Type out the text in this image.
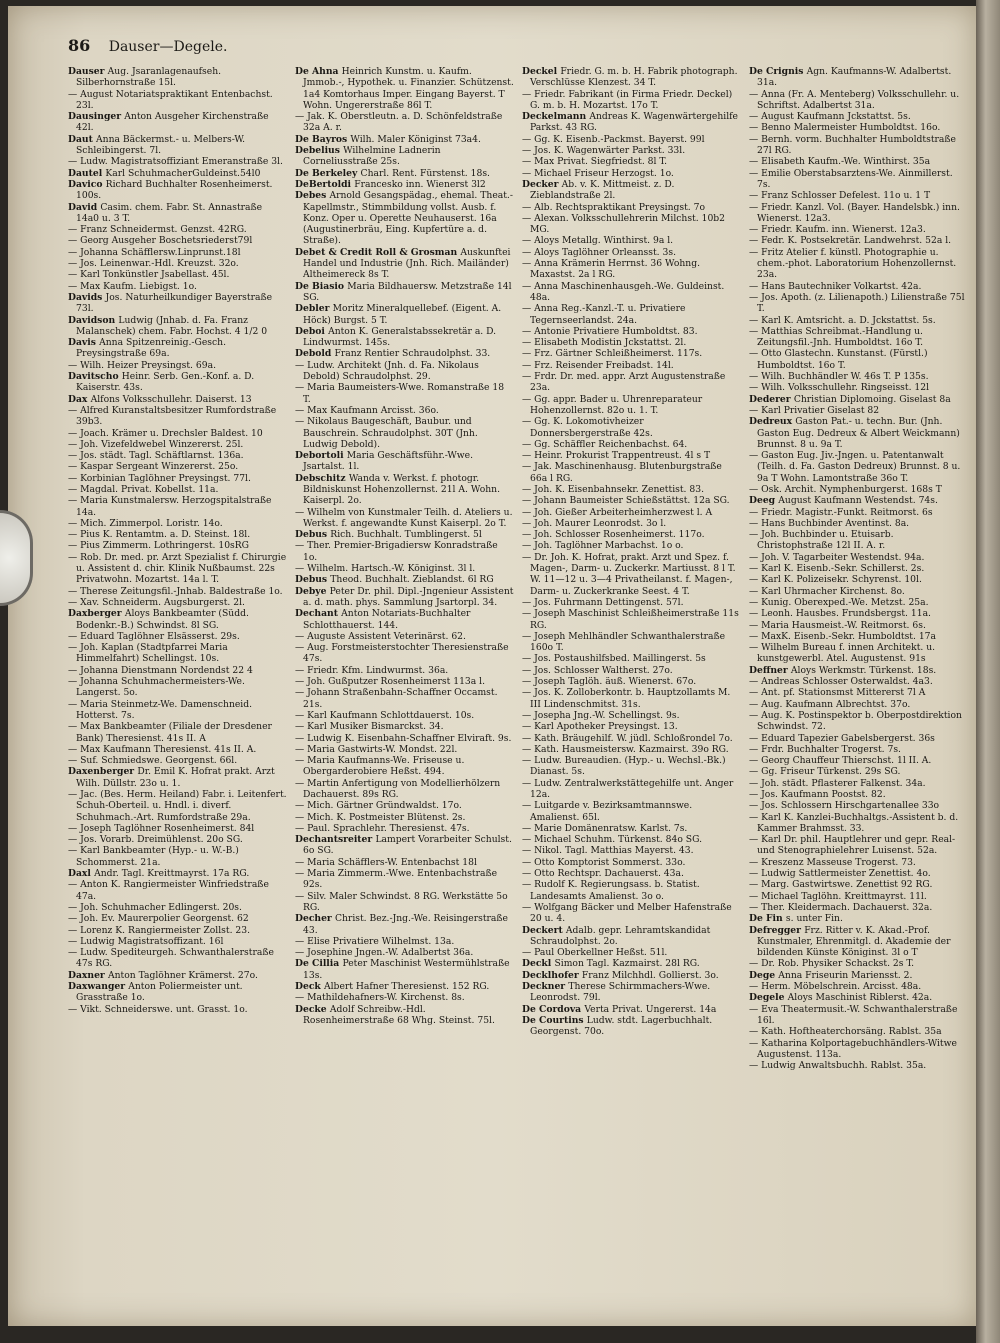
86 Dauser—Degele.

Dauser Aug. Jsaranlagenaufseh. Silberhornstraße 15l.

— August Notariatspraktikant Entenbachst. 23l.

Dausinger Anton Ausgeher Kirchenstraße 42l.

Daut Anna Bäckermst.- u. Melbers-W. Schleibingerst. 7l.

— Ludw. Magistratsoffiziant Emeranstraße 3l.

Dautel Karl SchuhmacherGuldeinst.54l0

Davico Richard Buchhalter Rosenheimerst. 100s.

David Casim. chem. Fabr. St. Annastraße 14a0 u. 3 T.

— Franz Schneidermst. Genzst. 42RG.

— Georg Ausgeher Boschetsriederst79l

— Johanna Schäfflersw.Linprunst.18l

— Jos. Leinenwar.-Hdl. Kreuzst. 32o.

— Karl Tonkünstler Jsabellast. 45l.

— Max Kaufm. Liebigst. 1o.

Davids Jos. Naturheilkundiger Bayerstraße 73l.

Davidson Ludwig (Jnhab. d. Fa. Franz Malanschek) chem. Fabr. Hochst. 4 1/2 0

Davis Anna Spitzenreinig.-Gesch. Preysingstraße 69a.

— Wilh. Heizer Preysingst. 69a.

Davitscho Heinr. Serb. Gen.-Konf. a. D. Kaiserstr. 43s.

Dax Alfons Volksschullehr. Daiserst. 13

— Alfred Kuranstaltsbesitzer Rumfordstraße 39b3.

— Joach. Krämer u. Drechsler Baldest. 10

— Joh. Vizefeldwebel Winzererst. 25l.

— Jos. städt. Tagl. Schäftlarnst. 136a.

— Kaspar Sergeant Winzererst. 25o.

— Korbinian Taglöhner Preysingst. 77l.

— Magdal. Privat. Kobellst. 11a.

— Maria Kunstmalersw. Herzogspitalstraße 14a.

— Mich. Zimmerpol. Loristr. 14o.

— Pius K. Rentamtm. a. D. Steinst. 18l.

— Pius Zimmerm. Lothringerst. 10sRG

— Rob. Dr. med. pr. Arzt Spezialist f. Chirurgie u. Assistent d. chir. Klinik Nußbaumst. 22s Privatwohn. Mozartst. 14a l. T.

— Therese Zeitungsfil.-Jnhab. Baldestraße 1o.

— Xav. Schneiderm. Augsburgerst. 2l.

Daxberger Aloys Bankbeamter (Südd. Bodenkr.-B.) Schwindst. 8l SG.

— Eduard Taglöhner Elsässerst. 29s.

— Joh. Kaplan (Stadtpfarrei Maria Himmelfahrt) Schellingst. 10s.

— Johanna Dienstmann Nordendst 22 4

— Johanna Schuhmachermeisters-We. Langerst. 5o.

— Maria Steinmetz-We. Damenschneid. Hotterst. 7s.

— Max Bankbeamter (Filiale der Dresdener Bank) Theresienst. 41s II. A

— Max Kaufmann Theresienst. 41s II. A.

— Suf. Schmiedswe. Georgenst. 66l.

Daxenberger Dr. Emil K. Hofrat prakt. Arzt Wilh. Düllstr. 23o u. 1.

— Jac. (Bes. Herm. Heiland) Fabr. i. Leitenfert. Schuh-Oberteil. u. Hndl. i. diverf. Schuhmach.-Art. Rumfordstraße 29a.

— Joseph Taglöhner Rosenheimerst. 84l

— Jos. Vorarb. Dreimühlenst. 20o SG.

— Karl Bankbeamter (Hyp.- u. W.-B.) Schommerst. 21a.

Daxl Andr. Tagl. Kreittmayrst. 17a RG.

— Anton K. Rangiermeister Winfriedstraße 47a.

— Joh. Schuhmacher Edlingerst. 20s.

— Joh. Ev. Maurerpolier Georgenst. 62

— Lorenz K. Rangiermeister Zollst. 23.

— Ludwig Magistratsoffizant. 16l

— Ludw. Spediteurgeh. Schwanthalerstraße 47s RG.

Daxner Anton Taglöhner Krämerst. 27o.

Daxwanger Anton Poliermeister unt. Grasstraße 1o.

— Vikt. Schneiderswe. unt. Grasst. 1o.

De Ahna Heinrich Kunstm. u. Kaufm. Jmmob.-, Hypothek. u. Finanzier. Schützenst. 1a4 Komtorhaus Imper. Eingang Bayerst. T Wohn. Ungererstraße 86l T.

— Jak. K. Oberstleutn. a. D. Schönfeldstraße 32a A. r.

De Bayros Wilh. Maler Königinst 73a4.

Debelius Wilhelmine Ladnerin Corneliusstraße 25s.

De Berkeley Charl. Rent. Fürstenst. 18s.

DeBertoldi Francesko inn. Wienerst 3l2

Debes Arnold Gesangspädag., ehemal. Theat.-Kapellmstr., Stimmbildung vollst. Ausb. f. Konz. Oper u. Operette Neuhauserst. 16a (Augustinerbräu, Eing. Kupfertüre a. d. Straße).

Debet & Credit Roll & Grosman Auskunftei Handel und Industrie (Jnh. Rich. Mailänder) Altheimereck 8s T.

De Biasio Maria Bildhauersw. Metzstraße 14l SG.

Debler Moritz Mineralquellebef. (Eigent. A. Höck) Burgst. 5 T.

Deboi Anton K. Generalstabssekretär a. D. Lindwurmst. 145s.

Debold Franz Rentier Schraudolphst. 33.

— Ludw. Architekt (Jnh. d. Fa. Nikolaus Debold) Schraudolphst. 29.

— Maria Baumeisters-Wwe. Romanstraße 18 T.

— Max Kaufmann Arcisst. 36o.

— Nikolaus Baugeschäft, Baubur. und Bauschrein. Schraudolphst. 30T (Jnh. Ludwig Debold).

Debortoli Maria Geschäftsführ.-Wwe. Jsartalst. 1l.

Debschitz Wanda v. Werkst. f. photogr. Bildniskunst Hohenzollernst. 21l A. Wohn. Kaiserpl. 2o.

— Wilhelm von Kunstmaler Teilh. d. Ateliers u. Werkst. f. angewandte Kunst Kaiserpl. 2o T.

Debus Rich. Buchhalt. Tumblingerst. 5l

— Ther. Premier-Brigadiersw Konradstraße 1o.

— Wilhelm. Hartsch.-W. Königinst. 3l l.

Debus Theod. Buchhalt. Zieblandst. 6l RG

Debye Peter Dr. phil. Dipl.-Jngenieur Assistent a. d. math. phys. Sammlung Jsartorpl. 34.

Dechant Anton Notariats-Buchhalter Schlotthauerst. 144.

— Auguste Assistent Veterinärst. 62.

— Aug. Forstmeisterstochter Theresienstraße 47s.

— Friedr. Kfm. Lindwurmst. 36a.

— Joh. Gußputzer Rosenheimerst 113a l.

— Johann Straßenbahn-Schaffner Occamst. 21s.

— Karl Kaufmann Schlottdauerst. 10s.

— Karl Musiker Bismarckst. 34.

— Ludwig K. Eisenbahn-Schaffner Elviraft. 9s.

— Maria Gastwirts-W. Mondst. 22l.

— Maria Kaufmanns-We. Friseuse u. Obergarderobiere Heßst. 494.

— Martin Anfertigung von Modellierhölzern Dachauerst. 89s RG.

— Mich. Gärtner Gründwaldst. 17o.

— Mich. K. Postmeister Blütenst. 2s.

— Paul. Sprachlehr. Theresienst. 47s.

Dechantsreiter Lampert Vorarbeiter Schulst. 6o SG.

— Maria Schäfflers-W. Entenbachst 18l

— Maria Zimmerm.-Wwe. Entenbachstraße 92s.

— Silv. Maler Schwindst. 8 RG. Werkstätte 5o RG.

Decher Christ. Bez.-Jng.-We. Reisingerstraße 43.

— Elise Privatiere Wilhelmst. 13a.

— Josephine Jngen.-W. Adalbertst 36a.

De Cillia Peter Maschinist Westermühlstraße 13s.

Deck Albert Hafner Theresienst. 152 RG.

— Mathildehafners-W. Kirchenst. 8s.

Decke Adolf Schreibw.-Hdl. Rosenheimerstraße 68 Whg. Steinst. 75l.

Deckel Friedr. G. m. b. H. Fabrik photograph. Verschlüsse Klenzest. 34 T.

— Friedr. Fabrikant (in Firma Friedr. Deckel) G. m. b. H. Mozartst. 17o T.

Deckelmann Andreas K. Wagenwärtergehilfe Parkst. 43 RG.

— Gg. K. Eisenb.-Packmst. Bayerst. 99l

— Jos. K. Wagenwärter Parkst. 33l.

— Max Privat. Siegfriedst. 8l T.

— Michael Friseur Herzogst. 1o.

Decker Ab. v. K. Mittmeist. z. D. Zieblandstraße 2l.

— Alb. Rechtspraktikant Preysingst. 7o

— Alexan. Volksschullehrerin Milchst. 10b2 MG.

— Aloys Metallg. Winthirst. 9a l.

— Aloys Taglöhner Orleansst. 3s.

— Anna Krämerin Herrnst. 36 Wohng. Maxastst. 2a l RG.

— Anna Maschinenhausgeh.-We. Guldeinst. 48a.

— Anna Reg.-Kanzl.-T. u. Privatiere Tegernseerlandst. 24a.

— Antonie Privatiere Humboldtst. 83.

— Elisabeth Modistin Jckstattst. 2l.

— Frz. Gärtner Schleißheimerst. 117s.

— Frz. Reisender Freibadst. 14l.

— Frdr. Dr. med. appr. Arzt Augustenstraße 23a.

— Gg. appr. Bader u. Uhrenreparateur Hohenzollernst. 82o u. 1. T.

— Gg. K. Lokomotivheizer Donnersbergerstraße 42s.

— Gg. Schäffler Reichenbachst. 64.

— Heinr. Prokurist Trappentreust. 4l s T

— Jak. Maschinenhausg. Blutenburgstraße 66a l RG.

— Joh. K. Eisenbahnsekr. Zenettist. 83.

— Johann Baumeister Schießstättst. 12a SG.

— Joh. Gießer Arbeiterheimherzwest l. A

— Joh. Maurer Leonrodst. 3o l.

— Joh. Schlosser Rosenheimerst. 117o.

— Joh. Taglöhner Marbachst. 1o o.

— Dr. Joh. K. Hofrat, prakt. Arzt und Spez. f. Magen-, Darm- u. Zuckerkr. Martiusst. 8 l T. W. 11—12 u. 3—4 Privatheilanst. f. Magen-, Darm- u. Zuckerkranke Seest. 4 T.

— Jos. Fuhrmann Dettingenst. 57l.

— Joseph Maschinist Schleißheimerstraße 11s RG.

— Joseph Mehlhändler Schwanthalerstraße 160o T.

— Jos. Postaushilfsbed. Maillingerst. 5s

— Jos. Schlosser Waltherst. 27o.

— Joseph Taglöh. äuß. Wienerst. 67o.

— Jos. K. Zolloberkontr. b. Hauptzollamts M. III Lindenschmitst. 31s.

— Josepha Jng.-W. Schellingst. 9s.

— Karl Apotheker Preysingst. 13.

— Kath. Bräugehilf. W. jüdl. Schloßrondel 7o.

— Kath. Hausmeistersw. Kazmairst. 39o RG.

— Ludw. Bureaudien. (Hyp.- u. Wechsl.-Bk.) Dianast. 5s.

— Ludw. Zentralwerkstättegehilfe unt. Anger 12a.

— Luitgarde v. Bezirksamtmannswe. Amalienst. 65l.

— Marie Domänenratsw. Karlst. 7s.

— Michael Schuhm. Türkenst. 84o SG.

— Nikol. Tagl. Matthias Mayerst. 43.

— Otto Komptorist Sommerst. 33o.

— Otto Rechtspr. Dachauerst. 43a.

— Rudolf K. Regierungsass. b. Statist. Landesamts Amalienst. 3o o.

— Wolfgang Bäcker und Melber Hafenstraße 20 u. 4.

Deckert Adalb. gepr. Lehramtskandidat Schraudolphst. 2o.

— Paul Oberkellner Heßst. 51l.

Deckl Simon Tagl. Kazmairst. 28l RG.

Decklhofer Franz Milchhdl. Gollierst. 3o.

Deckner Therese Schirmmachers-Wwe. Leonrodst. 79l.

De Cordova Verta Privat. Ungererst. 14a

De Courtins Ludw. stdt. Lagerbuchhalt. Georgenst. 70o.

De Crignis Agn. Kaufmanns-W. Adalbertst. 31a.

— Anna (Fr. A. Menteberg) Volksschullehr. u. Schriftst. Adalbertst 31a.

— August Kaufmann Jckstattst. 5s.

— Benno Malermeister Humboldtst. 16o.

— Bernh. vorm. Buchhalter Humboldtstraße 27l RG.

— Elisabeth Kaufm.-We. Winthirst. 35a

— Emilie Oberstabsarztens-We. Ainmillerst. 7s.

— Franz Schlosser Defelest. 11o u. 1 T

— Friedr. Kanzl. Vol. (Bayer. Handelsbk.) inn. Wienerst. 12a3.

— Friedr. Kaufm. inn. Wienerst. 12a3.

— Fedr. K. Postsekretär. Landwehrst. 52a l.

— Fritz Atelier f. künstl. Photographie u. chem.-phot. Laboratorium Hohenzollernst. 23a.

— Hans Bautechniker Volkartst. 42a.

— Jos. Apoth. (z. Lilienapoth.) Lilienstraße 75l T.

— Karl K. Amtsricht. a. D. Jckstattst. 5s.

— Matthias Schreibmat.-Handlung u. Zeitungsfil.-Jnh. Humboldtst. 16o T.

— Otto Glastechn. Kunstanst. (Fürstl.) Humboldtst. 16o T.

— Wilh. Buchhändler W. 46s T. P 135s.

— Wilh. Volksschullehr. Ringseisst. 12l

Dederer Christian Diplomoing. Giselast 8a

— Karl Privatier Giselast 82

Dedreux Gaston Pat.- u. techn. Bur. (Jnh. Gaston Eug. Dedreux & Albert Weickmann) Brunnst. 8 u. 9a T.

— Gaston Eug. Jiv.-Jngen. u. Patentanwalt (Teilh. d. Fa. Gaston Dedreux) Brunnst. 8 u. 9a T Wohn. Lamontstraße 36o T.

— Osk. Archit. Nymphenburgerst. 168s T

Deeg August Kaufmann Westendst. 74s.

— Friedr. Magistr.-Funkt. Reitmorst. 6s

— Hans Buchbinder Aventinst. 8a.

— Joh. Buchbinder u. Etuisarb. Christophstraße 12l II. A. r.

— Joh. V. Tagarbeiter Westendst. 94a.

— Karl K. Eisenb.-Sekr. Schillerst. 2s.

— Karl K. Polizeisekr. Schyrenst. 10l.

— Karl Uhrmacher Kirchenst. 8o.

— Kunig. Oberexped.-We. Metzst. 25a.

— Leonh. Hausbes. Frundsbergst. 11a.

— Maria Hausmeist.-W. Reitmorst. 6s.

— MaxK. Eisenb.-Sekr. Humboldtst. 17a

— Wilhelm Bureau f. innen Architekt. u. kunstgewerbl. Atel. Augustenst. 91s

Deffner Aloys Werkmstr. Türkenst. 18s.

— Andreas Schlosser Osterwaldst. 4a3.

— Ant. pf. Stationsmst Mittererst 7l A

— Aug. Kaufmann Albrechtst. 37o.

— Aug. K. Postinspektor b. Oberpostdirektion Schwindst. 72.

— Eduard Tapezier Gabelsbergerst. 36s

— Frdr. Buchhalter Trogerst. 7s.

— Georg Chauffeur Thierschst. 1l II. A.

— Gg. Friseur Türkenst. 29s SG.

— Joh. städt. Pflasterer Falkenst. 34a.

— Jos. Kaufmann Poostst. 82.

— Jos. Schlossern Hirschgartenallee 33o

— Karl K. Kanzlei-Buchhaltgs.-Assistent b. d. Kammer Brahmsst. 33.

— Karl Dr. phil. Hauptlehrer und gepr. Real- und Stenographielehrer Luisenst. 52a.

— Kreszenz Masseuse Trogerst. 73.

— Ludwig Sattlermeister Zenettist. 4o.

— Marg. Gastwirtswe. Zenettist 92 RG.

— Michael Taglöhn. Kreittmayrst. 11l.

— Ther. Kleidermach. Dachauerst. 32a.

De Fin s. unter Fin.

Defregger Frz. Ritter v. K. Akad.-Prof. Kunstmaler, Ehrenmitgl. d. Akademie der bildenden Künste Königinst. 3l o T

— Dr. Rob. Physiker Schackst. 2s T.

Dege Anna Friseurin Mariensst. 2.

— Herm. Möbelschrein. Arcisst. 48a.

Degele Aloys Maschinist Riblerst. 42a.

— Eva Theatermusit.-W. Schwanthalerstraße 16l.

— Kath. Hoftheaterchorsäng. Rablst. 35a

— Katharina Kolportagebuchhändlers-Witwe Augustenst. 113a.

— Ludwig Anwaltsbuchh. Rablst. 35a.
